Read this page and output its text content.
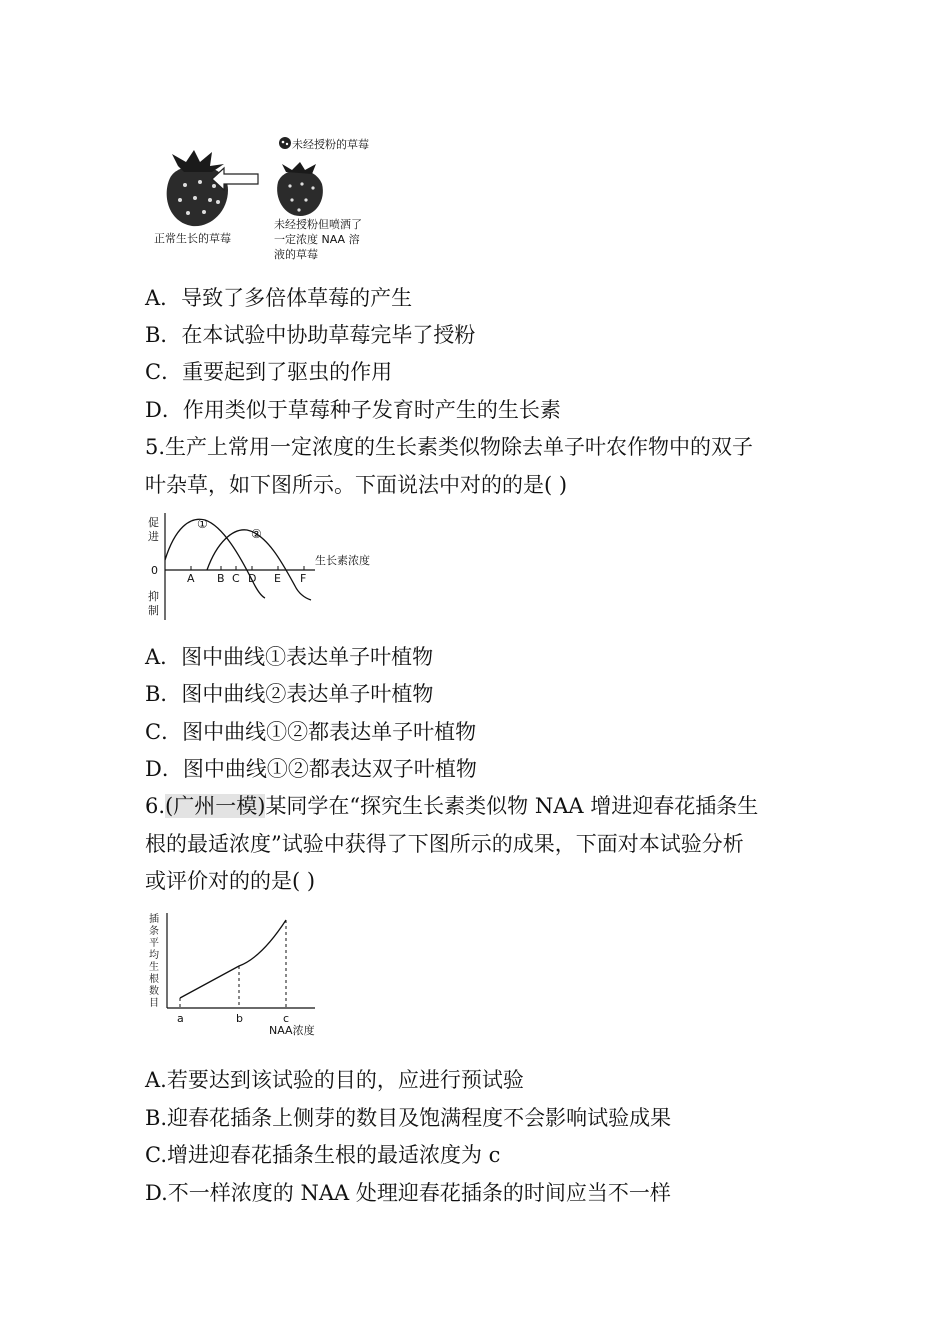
未经授粉的草莓
正常生长的草莓
未经授粉但喷洒了
一定浓度 NAA 溶
液的草莓
A．导致了多倍体草莓的产生
B．在本试验中协助草莓完毕了授粉
C．重要起到了驱虫的作用
D．作用类似于草莓种子发育时产生的生长素
5.生产上常用一定浓度的生长素类似物除去单子叶农作物中的双子
叶杂草，如下图所示。下面说法中对的的是( )
促
进
0
抑
制
生长素浓度
①
②
A B C D E F
A．图中曲线①表达单子叶植物
B．图中曲线②表达单子叶植物
C．图中曲线①②都表达单子叶植物
D．图中曲线①②都表达双子叶植物
6.(广州一模)某同学在“探究生长素类似物 NAA 增进迎春花插条生
根的最适浓度”试验中获得了下图所示的成果，下面对本试验分析
或评价对的的是( )
插
条
平
均
生
根
数
目
a	b	c
NAA浓度
A.若要达到该试验的目的，应进行预试验
B.迎春花插条上侧芽的数目及饱满程度不会影响试验成果
C.增进迎春花插条生根的最适浓度为 c
D.不一样浓度的 NAA 处理迎春花插条的时间应当不一样
